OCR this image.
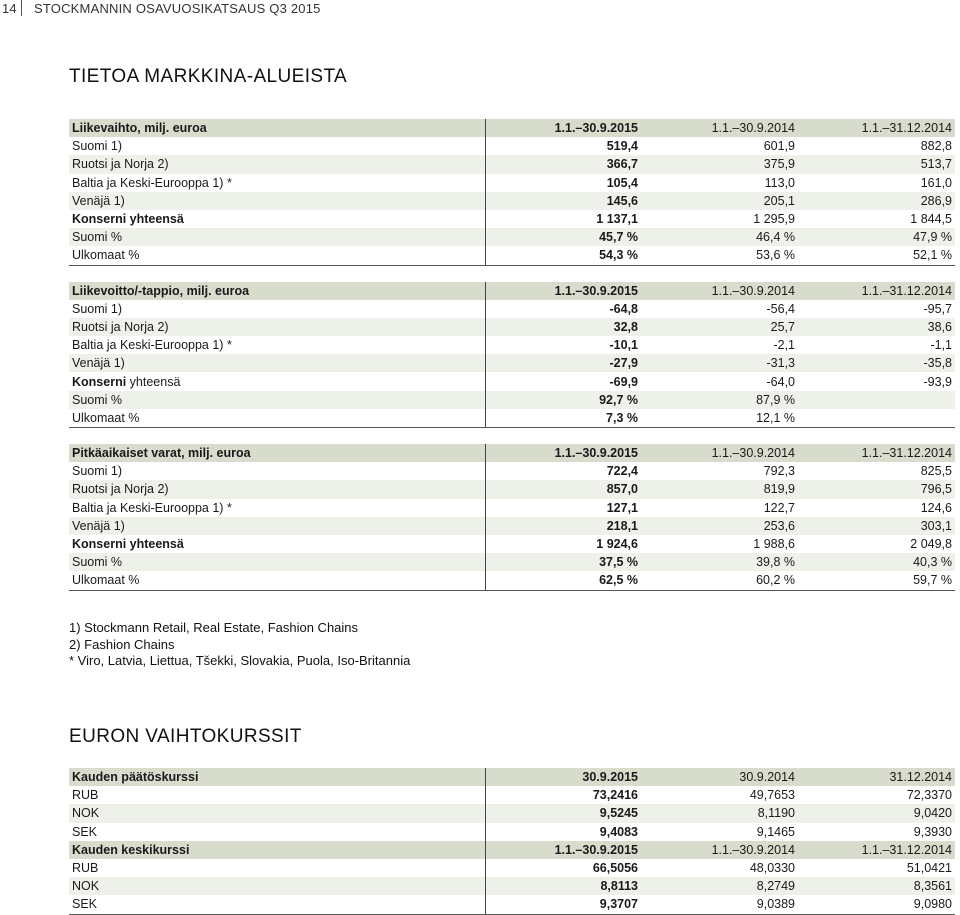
14 STOCKMANNIN OSAVUOSIKATSAUS Q3 2015
TIETOA MARKKINA-ALUEISTA
Liikevaihto, milj. euroa	1.1.–30.9.2015	1.1.–30.9.2014	1.1.–31.12.2014
Suomi 1)	519,4	601,9	882,8
Ruotsi ja Norja 2)	366,7	375,9	513,7
Baltia ja Keski-Eurooppa 1) *	105,4	113,0	161,0
Venäjä 1)	145,6	205,1	286,9
Konserni yhteensä	1 137,1	1 295,9	1 844,5
Suomi %	45,7 %	46,4 %	47,9 %
Ulkomaat %	54,3 %	53,6 %	52,1 %

Liikevoitto/-tappio, milj. euroa	1.1.–30.9.2015	1.1.–30.9.2014	1.1.–31.12.2014
Suomi 1)	-64,8	-56,4	-95,7
Ruotsi ja Norja 2)	32,8	25,7	38,6
Baltia ja Keski-Eurooppa 1) *	-10,1	-2,1	-1,1
Venäjä 1)	-27,9	-31,3	-35,8
Konserni yhteensä	-69,9	-64,0	-93,9
Suomi %	92,7 %	87,9 %	
Ulkomaat %	7,3 %	12,1 %	

Pitkäaikaiset varat, milj. euroa	1.1.–30.9.2015	1.1.–30.9.2014	1.1.–31.12.2014
Suomi 1)	722,4	792,3	825,5
Ruotsi ja Norja 2)	857,0	819,9	796,5
Baltia ja Keski-Eurooppa 1) *	127,1	122,7	124,6
Venäjä 1)	218,1	253,6	303,1
Konserni yhteensä	1 924,6	1 988,6	2 049,8
Suomi %	37,5 %	39,8 %	40,3 %
Ulkomaat %	62,5 %	60,2 %	59,7 %
1) Stockmann Retail, Real Estate, Fashion Chains
2) Fashion Chains
* Viro, Latvia, Liettua, Tšekki, Slovakia, Puola, Iso-Britannia
EURON VAIHTOKURSSIT
Kauden päätöskurssi	30.9.2015	30.9.2014	31.12.2014
RUB	73,2416	49,7653	72,3370
NOK	9,5245	8,1190	9,0420
SEK	9,4083	9,1465	9,3930
Kauden keskikurssi	1.1.–30.9.2015	1.1.–30.9.2014	1.1.–31.12.2014
RUB	66,5056	48,0330	51,0421
NOK	8,8113	8,2749	8,3561
SEK	9,3707	9,0389	9,0980
